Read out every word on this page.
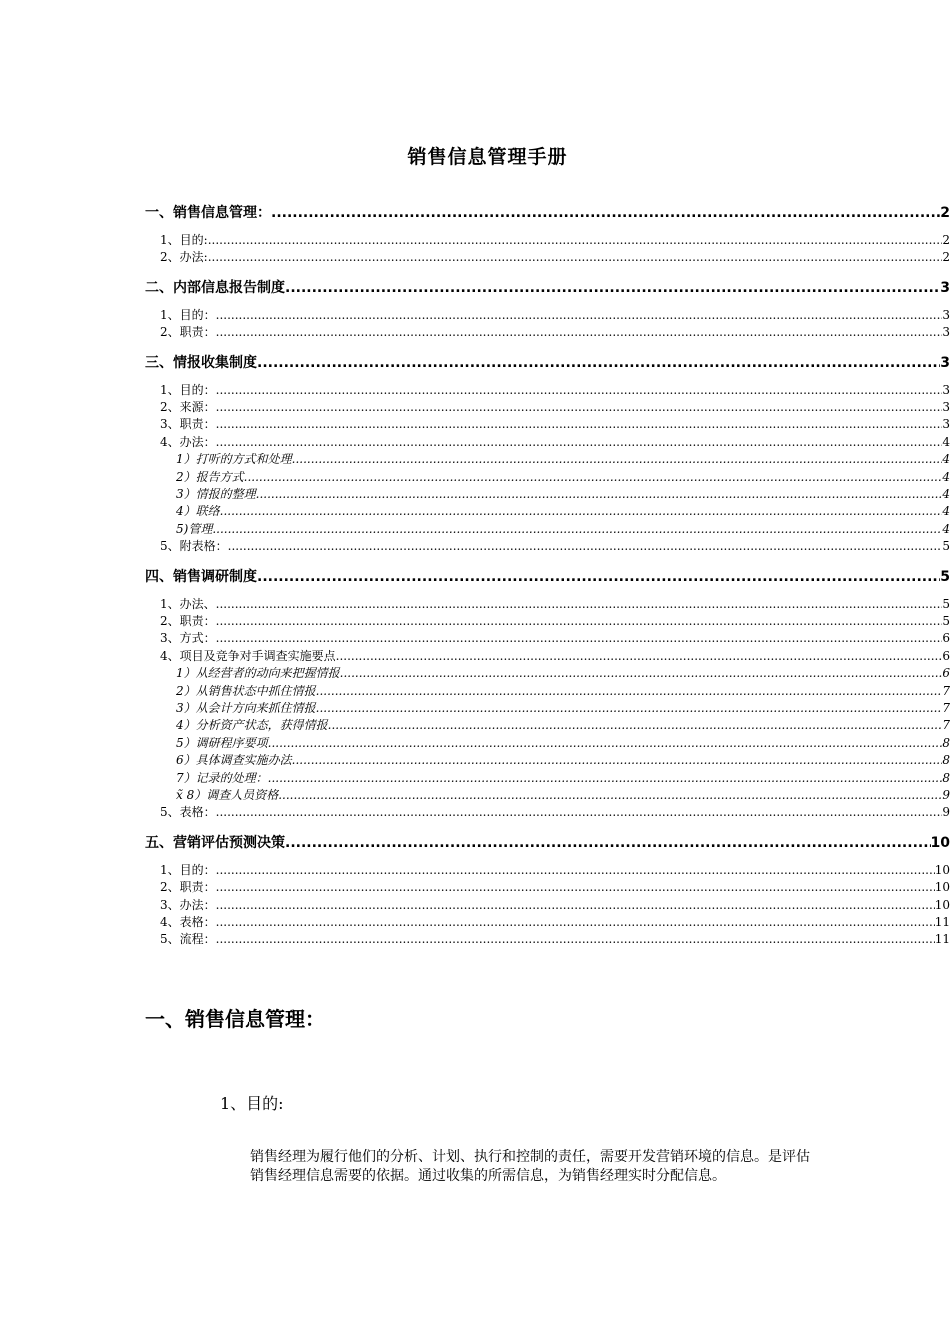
销售信息管理手册
一、销售信息管理： .....	2
1、目的: .....	2
2、办法: .....	2
二、内部信息报告制度 .....	3
1、目的： .....	3
2、职责： .....	3
三、情报收集制度 .....	3
1、目的： .....	3
2、来源： .....	3
3、职责： .....	3
4、办法： .....	4
1）打听的方式和处理 .....	4
2）报告方式 .....	4
3）情报的整理 .....	4
4）联络 .....	4
5)管理 .....	4
5、附表格： .....	5
四、销售调研制度 .....	5
1、办法、 .....	5
2、职责： .....	5
3、方式： .....	6
4、项目及竞争对手调查实施要点 .....	6
1）从经营者的动向来把握情报 .....	6
2）从销售状态中抓住情报 .....	7
3）从会计方向来抓住情报 .....	7
4）分析资产状态，获得情报 .....	7
5）调研程序要项 .....	8
6）具体调查实施办法 .....	8
7）记录的处理： .....	8
x̃ 8）调查人员资格 .....	9
5、表格： .....	9
五、营销评估预测决策 .....	10
1、目的： .....	10
2、职责： .....	10
3、办法： .....	10
4、表格： .....	11
5、流程： .....	11
一、销售信息管理：
1、目的:
销售经理为履行他们的分析、计划、执行和控制的责任，需要开发营销环境的信息。是评估销售经理信息需要的依据。通过收集的所需信息，为销售经理实时分配信息。
